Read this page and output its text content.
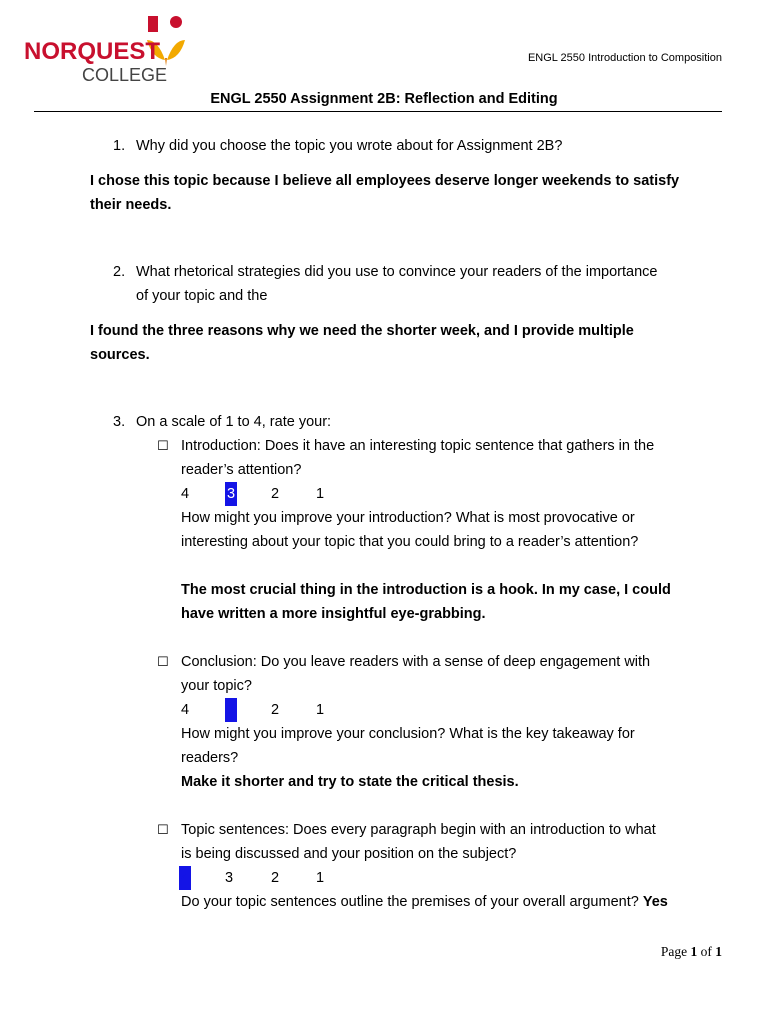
NORQUEST
COLLEGE
ENGL 2550 Introduction to Composition
ENGL 2550 Assignment 2B: Reflection and Editing
1. Why did you choose the topic you wrote about for Assignment 2B?

I chose this topic because I believe all employees deserve longer weekends to satisfy

their needs.

2. What rhetorical strategies did you use to convince your readers of the importance

of your topic and the

I found the three reasons why we need the shorter week, and I provide multiple

sources.

3. On a scale of 1 to 4, rate your:

☐ Introduction: Does it have an interesting topic sentence that gathers in the

reader’s attention?

4	3 2	1

How might you improve your introduction? What is most provocative or

interesting about your topic that you could bring to a reader’s attention?

The most crucial thing in the introduction is a hook. In my case, I could

have written a more insightful eye-grabbing.

☐ Conclusion: Do you leave readers with a sense of deep engagement with

your topic?

4	3 2	1

How might you improve your conclusion? What is the key takeaway for

readers?

Make it shorter and try to state the critical thesis.

☐ Topic sentences: Does every paragraph begin with an introduction to what

is being discussed and your position on the subject?

4 3	2	1

Do your topic sentences outline the premises of your overall argument? Yes

Page 1 of 1
